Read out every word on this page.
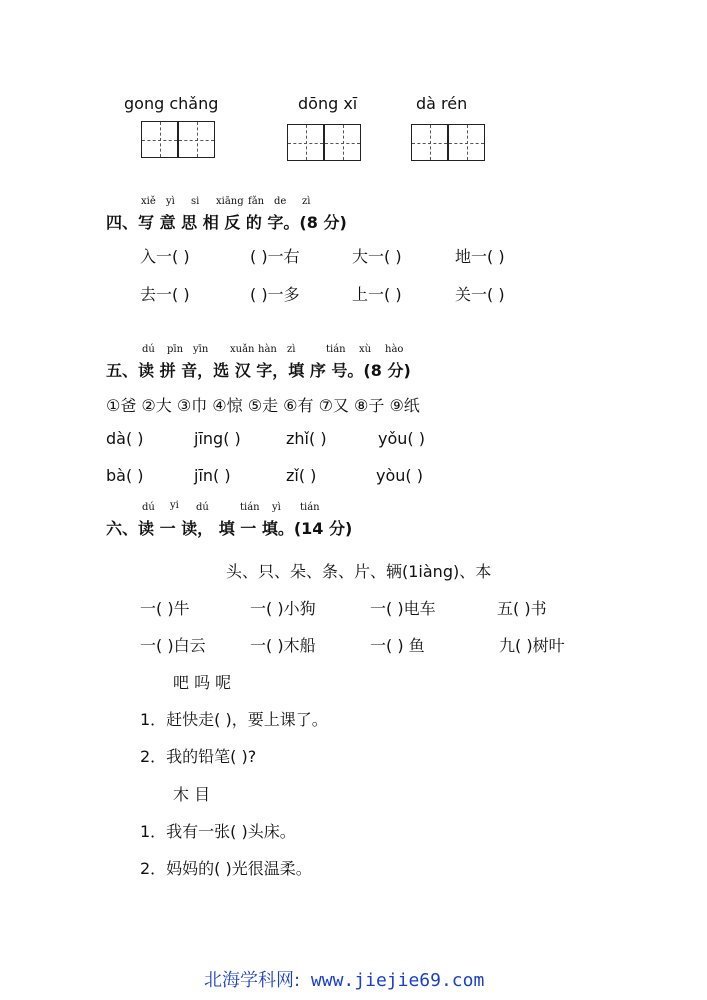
gong chǎng	dōng xī	dà rén
xiě yì si xiāng fǎn de zì
四、写 意 思 相 反 的 字。(8 分)
入一( )	( )一右	大一( )	地一( )
去一( )	( )一多	上一( )	关一( )
dú pīn yīn xuǎn hàn zì	tián xù hào
五、读 拼 音，选 汉 字，填 序 号。(8 分)
①爸 ②大 ③巾 ④惊 ⑤走 ⑥有 ⑦又 ⑧子 ⑨纸
dà( )	jīng( )	zhǐ( )	yǒu( )
bà( )	jīn( )	zǐ( )	yòu( )
dú yi dú	tián yì tián
六、读 一 读， 填 一 填。(14 分)
头、只、朵、条、片、辆(1iàng)、本
一( )牛	一( )小狗	一( )电车	五( )书
一( )白云	一( )木船	一( ) 鱼	九( )树叶
吧 吗 呢
1．赶快走( )，要上课了。
2．我的铅笔( )?
木 目
1．我有一张( )头床。
2．妈妈的( )光很温柔。
北海学科网: www.jiejie69.com
